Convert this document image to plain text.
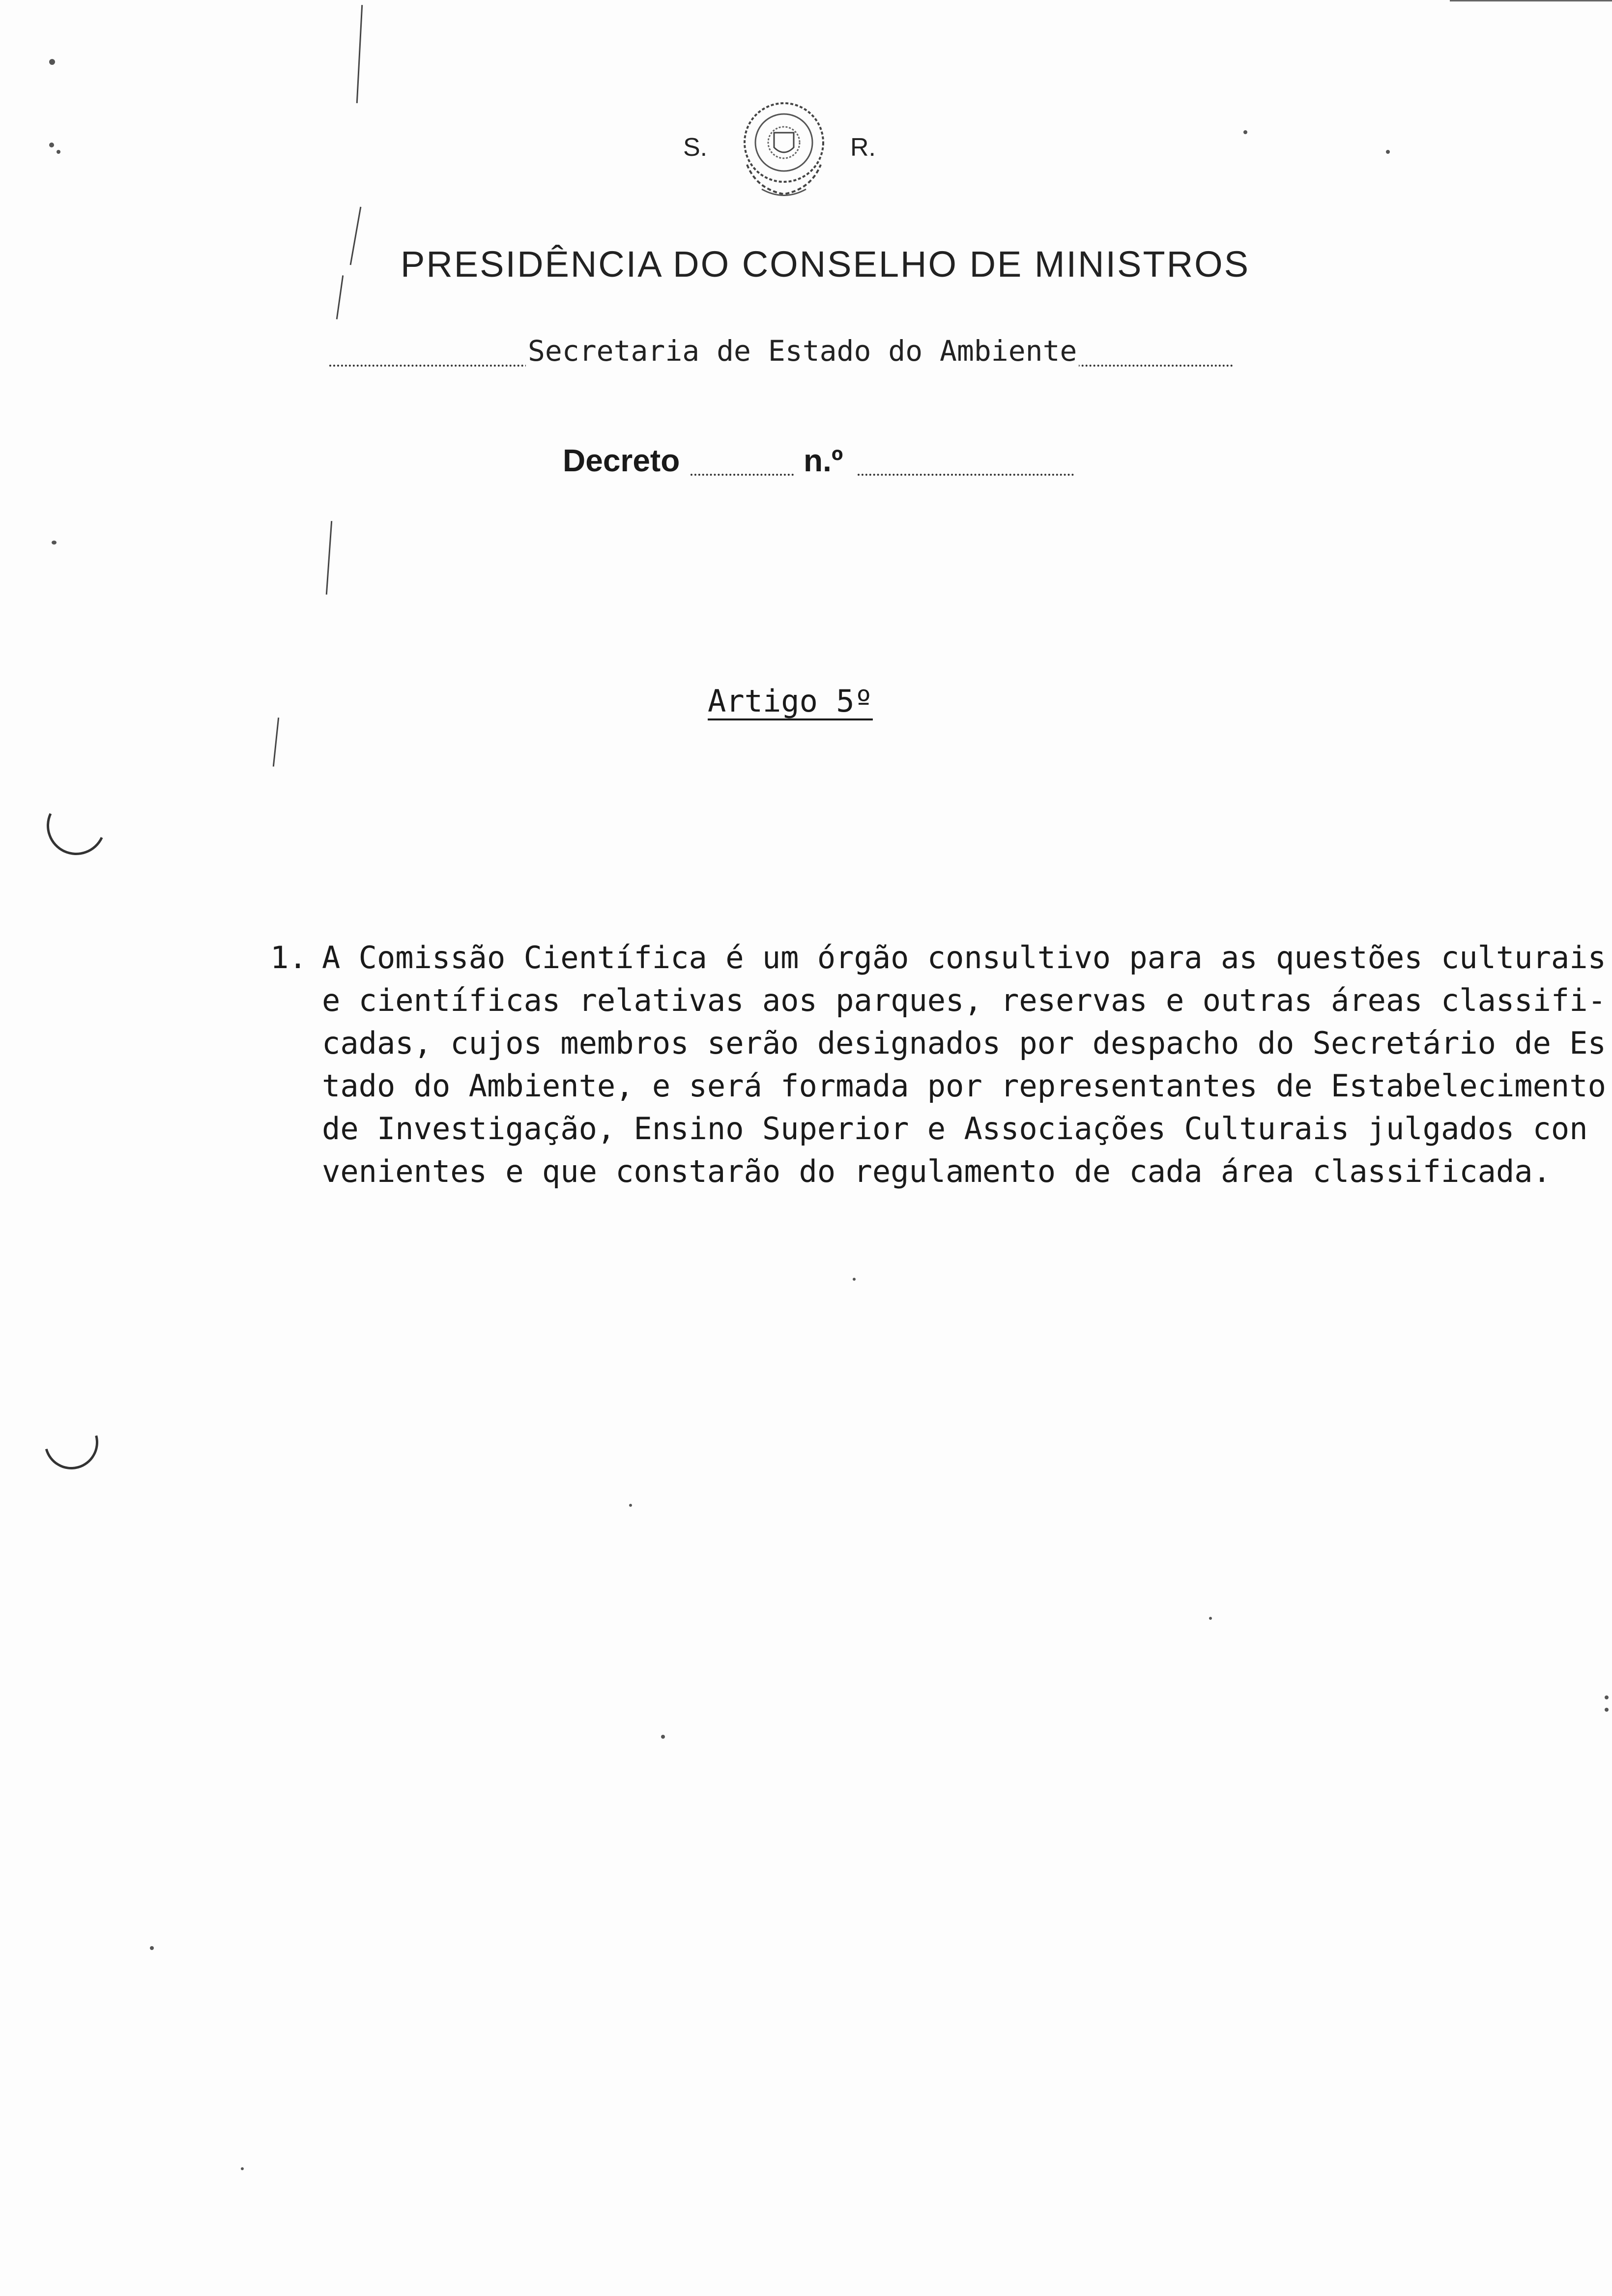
S.	R.
PRESIDÊNCIA DO CONSELHO DE MINISTROS
Secretaria de Estado do Ambiente
Decreto	n.º
Artigo 5º
1. A Comissão Científica é um órgão consultivo para as questões culturais
e científicas relativas aos parques, reservas e outras áreas classifi-
cadas, cujos membros serão designados por despacho do Secretário de Es
tado do Ambiente, e será formada por representantes de Estabelecimento
de Investigação, Ensino Superior e Associações Culturais julgados con
venientes e que constarão do regulamento de cada área classificada.
